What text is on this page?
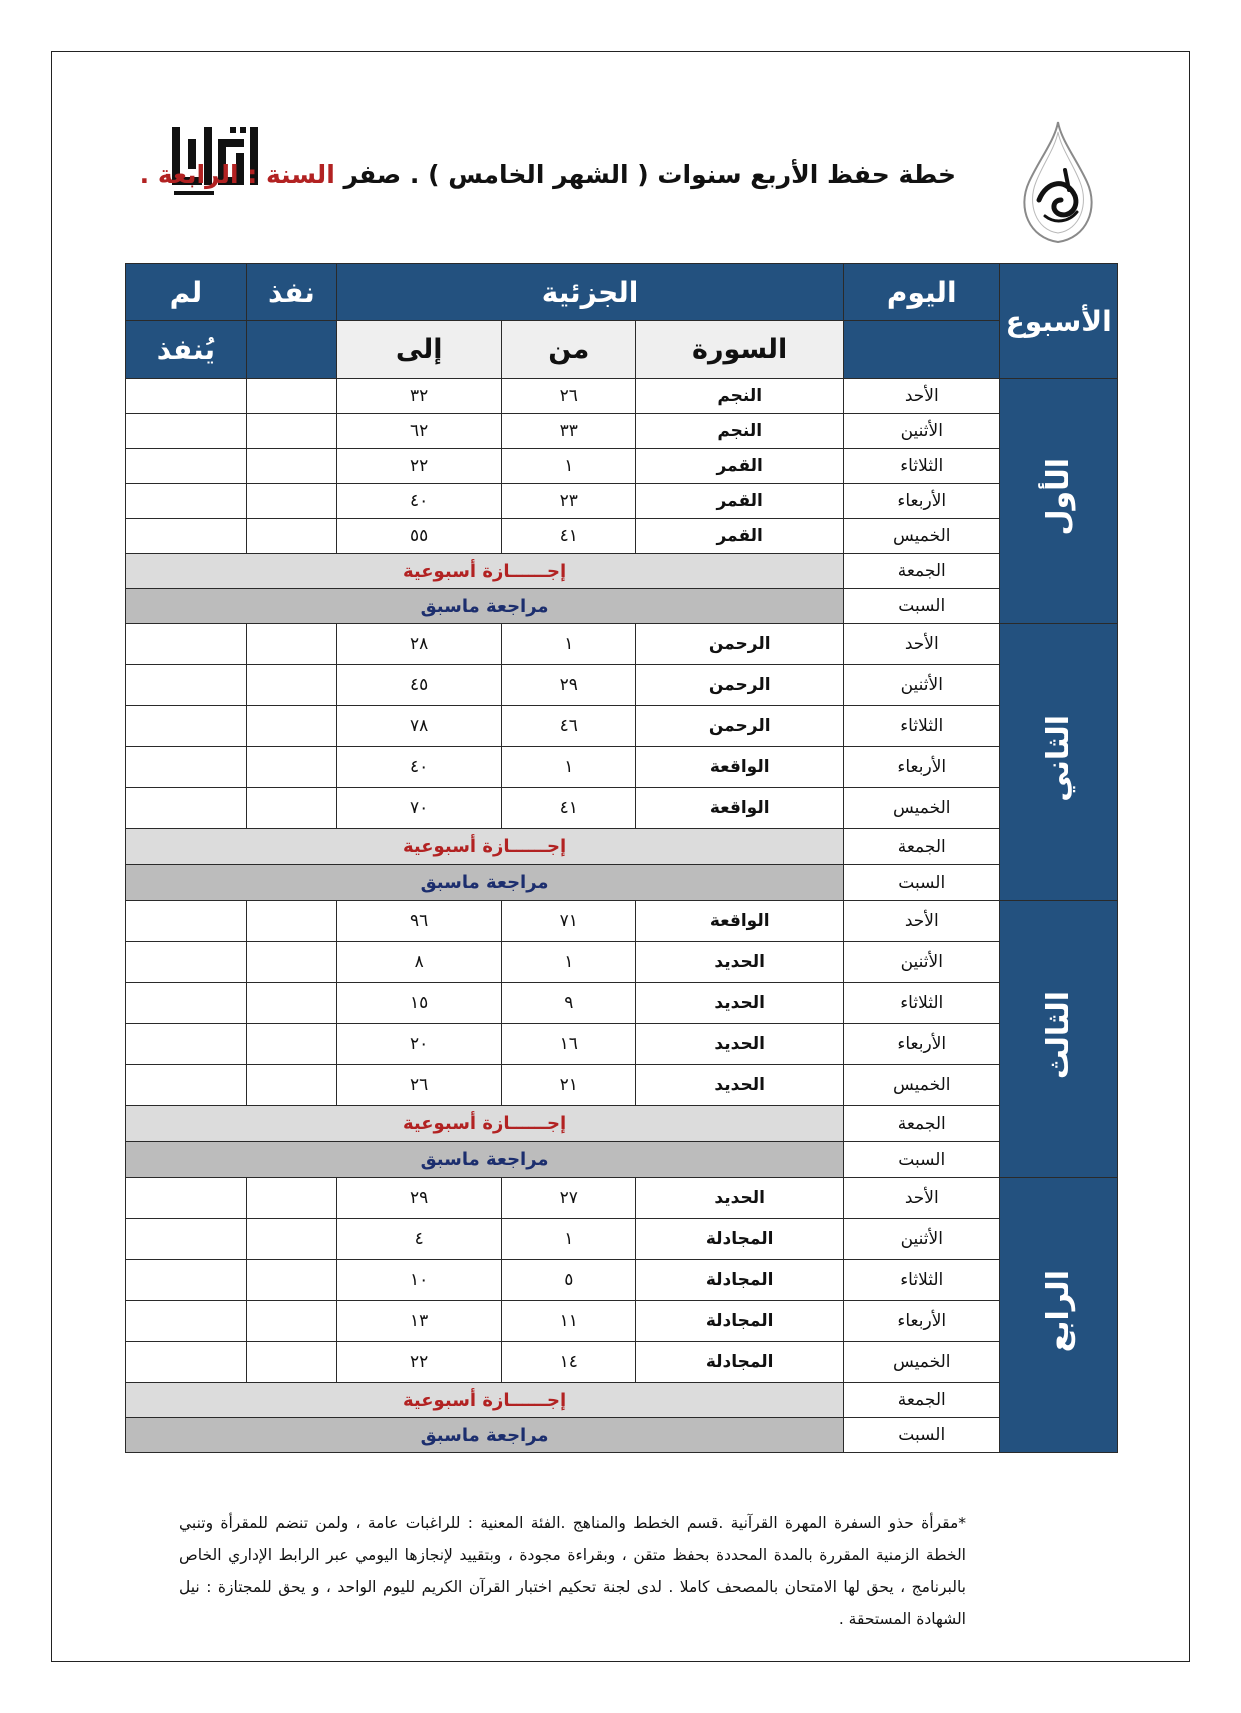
خطة حفظ الأربع سنوات ( الشهر الخامس ) . صفر السنة : الرابعة .
الأسبوع	اليوم	الجزئية			نفذ	لم
		السورة	من	إلى		يُنفذ
الأول	الأحد	النجم	٢٦	٣٢		
	الأثنين	النجم	٣٣	٦٢		
	الثلاثاء	القمر	١	٢٢		
	الأربعاء	القمر	٢٣	٤٠		
	الخميس	القمر	٤١	٥٥		
	الجمعة	إجــــــازة أسبوعية				
	السبت	مراجعة ماسبق				
الثاني	الأحد	الرحمن	١	٢٨		
	الأثنين	الرحمن	٢٩	٤٥		
	الثلاثاء	الرحمن	٤٦	٧٨		
	الأربعاء	الواقعة	١	٤٠		
	الخميس	الواقعة	٤١	٧٠		
	الجمعة	إجــــــازة أسبوعية				
	السبت	مراجعة ماسبق				
الثالث	الأحد	الواقعة	٧١	٩٦		
	الأثنين	الحديد	١	٨		
	الثلاثاء	الحديد	٩	١٥		
	الأربعاء	الحديد	١٦	٢٠		
	الخميس	الحديد	٢١	٢٦		
	الجمعة	إجــــــازة أسبوعية				
	السبت	مراجعة ماسبق				
الرابع	الأحد	الحديد	٢٧	٢٩		
	الأثنين	المجادلة	١	٤		
	الثلاثاء	المجادلة	٥	١٠		
	الأربعاء	المجادلة	١١	١٣		
	الخميس	المجادلة	١٤	٢٢		
	الجمعة	إجــــــازة أسبوعية				
	السبت	مراجعة ماسبق				
*مقرأة حذو السفرة المهرة القرآنية .قسم الخطط والمناهج .الفئة المعنية : للراغبات عامة ، ولمن تنضم للمقرأة وتنبي الخطة الزمنية المقررة بالمدة المحددة بحفظ متقن ، وبقراءة مجودة ، وبتقييد لإنجازها اليومي عبر الرابط الإداري الخاص بالبرنامج ، يحق لها الامتحان بالمصحف كاملا . لدى لجنة تحكيم اختبار القرآن الكريم لليوم الواحد ، و يحق للمجتازة : نيل الشهادة المستحقة .
